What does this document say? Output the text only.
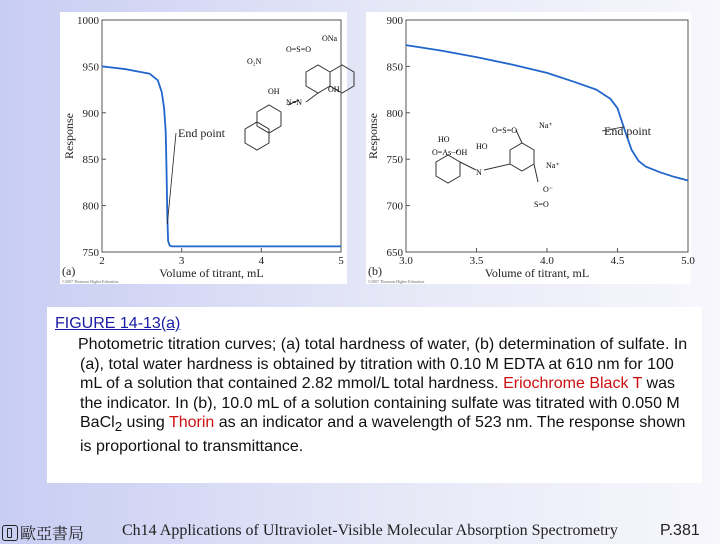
ONa
O=S=O
O₂N
OH
OH
N=N
2	3	4	5
750
800
850
900
950
1000
Volume of titrant, mL
Response
(a)
©2007 Thomson Higher Education
End point	HO
O=As−OH
O=S=O
Na⁺
HO
O⁻
N
Na⁺
S=O
3.0	3.5	4.0	4.5	5.0
650
700
750
800
850
900
Volume of titrant, mL
Response
(b)
©2007 Thomson Higher Education
End point

FIGURE 14-13(a)

Photometric titration curves; (a) total hardness of water, (b) determination of sulfate. In (a), total water hardness is obtained by titration with 0.10 M EDTA at 610 nm for 100 mL of a solution that contained 2.82 mmol/L total hardness. Eriochrome Black T was the indicator. In (b), 10.0 mL of a solution containing sulfate was titrated with 0.050 M BaCl$_2$ using Thorin as an indicator and a wavelength of 523 nm. The response shown is proportional to transmittance.

歐亞書局 Ch14 Applications of Ultraviolet-Visible Molecular Absorption Spectrometry	P.381
